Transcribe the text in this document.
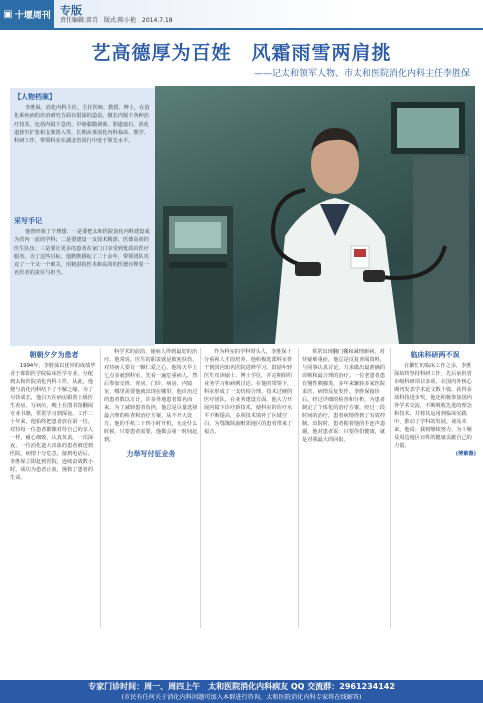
▣ 十堰周刊 专版
责任编辑:雷青　版式:陈小艳　2014.7.18
艺高德厚为百姓　风霜雨雪两肩挑
——记太和领军人物、市太和医院消化内科主任李胜保
【人物档案】
李胜保，消化内科主任、主任医师、教授、博士，在消化系疾病的诊治研究方面有很深的造诣，擅长内镜下各种治疗技术，包括内镜下息肉、早癌黏膜剥离、胆道取石、消化道狭窄扩张和支架置入等，长期从事消化内科临床、教学、科研工作，带领科室在湖北省同行中处于领先水平。
采写手记
他曾经谈了个理想：一是要把太和医院消化内科建设成为省内一流的学科；二是要建设一支技术精湛、医德高尚的医生队伍；三是要让更多的患者在家门口享受到优质的医疗服务。为了这些目标，他默默耕耘了二十余年，带领团队攻克了一个又一个难关，用精湛的医术和高尚的医德诠释着一名医者的责任与担当。
朝朝夕夕为患者

1994年，李胜保以优异的成绩毕业于郧阳医学院临床医学专业，分配到太和医院消化内科工作。从此，他便与消化内科结下了不解之缘。为了尽快成长，他白天在病房跟着上级医生查房、写病历，晚上在图书馆翻阅专业书籍，常常学习到深夜。工作二十年来，他始终把患者放在第一位，对待每一位患者都像对待自己的亲人一样，耐心细致，认真负责。一次深夜，一位消化道大出血的患者被送到医院，病情十分危急。接到电话后，李胜保立即赶到医院，连续奋战数小时，成功为患者止血，挽救了患者的生命。

科学术的前沿，使病人得到最好的治疗。他常说，医生的职责就是救死扶伤，对待病人要有一颗仁爱之心。他每天早上七点多就到科室，先看一遍危重病人，然后参加交班、查房。门诊、病房、内镜室，哪里需要他就出现在哪里。他诊治过的患者数以万计，许多外地患者慕名而来。为了减轻患者负担，他总是尽量选择最合理的检查和治疗方案，从不开大处方。他的手机二十四小时开机，无论什么时候，只要患者需要，他都会第一时间赶到。

力举写付征业务

作为科室的学科带头人，李胜保十分重视人才的培养。他积极选派科室骨干到国内知名医院进修学习，鼓励年轻医生攻读硕士、博士学位，并定期组织业务学习和病例讨论。在他的带领下，科室形成了一支结构合理、技术过硬的医疗团队。在业务建设方面，他大力开展内镜下诊疗新技术，使科室的诊疗水平不断提高，多项技术填补了区域空白，为鄂豫陕渝毗邻地区的患者带来了福音。

常常出现翻门棚和减刑新病，对待疑难重症，他总是反复查阅资料，与同事认真讨论，力求做出最准确的诊断和最合理的治疗。一位老患者患有慢性胰腺炎，多年来辗转多家医院求医，病情反复发作。李胜保接诊后，经过详细的检查和分析，为患者制定了个体化的治疗方案，经过一段时间的治疗，患者病情得到了有效控制。出院时，患者握着他的手连声道谢。他对患者说：只要你们健康，就是对我最大的回报。

临床科研两不误

在繁忙的临床工作之余，李胜保始终坚持科研工作，先后承担省市级科研项目多项，在国内外核心期刊发表学术论文数十篇，获得多项科技进步奖。他还积极参加国内外学术交流，不断吸收先进的理念和技术，并将其运用到临床实践中，推动了学科的发展。谈及未来，他说：我将继续努力，为十堰及周边地区百姓的健康贡献自己的力量。

(傅紫薇)
专家门诊时间：周一、周四上午　太和医院消化内科病友 QQ 交流群：2961234142
(市民有任何关于消化内科问题可加入本群进行咨询，太和医院消化内科专家将在线解答)
